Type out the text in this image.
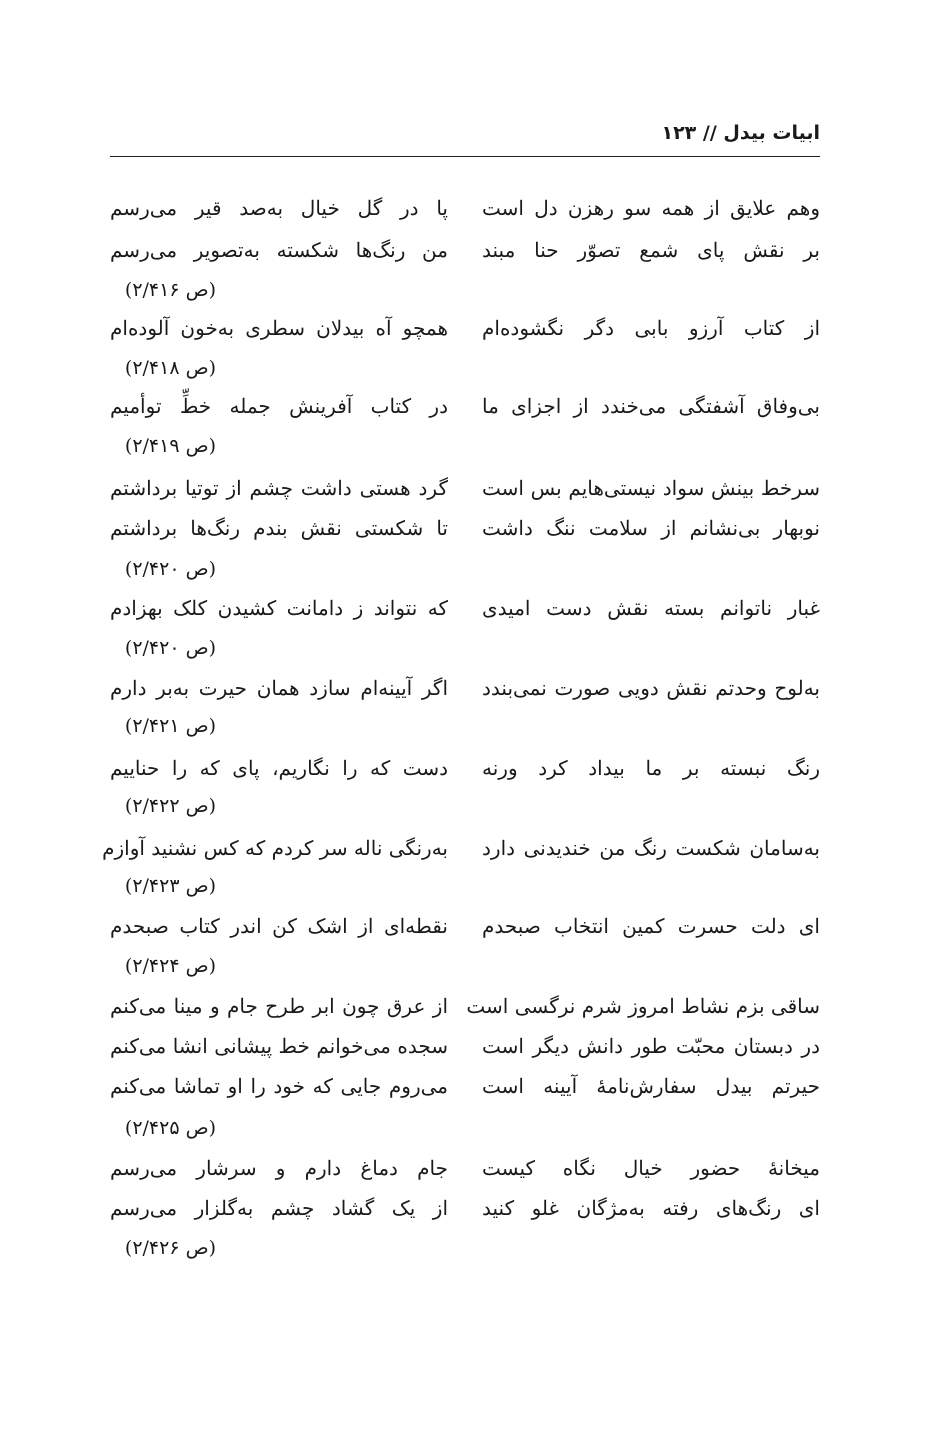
ابیات بیدل // ۱۲۳
وهم علایق از همه سو رهزن دل است
پا در گل خیال به‌صد قیر می‌رسم
بر نقش پای شمع تصوّر حنا مبند
من رنگ‌ها شکسته به‌تصویر می‌رسم
(ص ۲/۴۱۶)
از کتاب آرزو بابی دگر نگشوده‌ام
همچو آه بیدلان سطری به‌خون آلوده‌ام
(ص ۲/۴۱۸)
بی‌وفاق آشفتگی می‌خندد از اجزای ما
در کتاب آفرینش جمله خطِّ توأمیم
(ص ۲/۴۱۹)
سرخط بینش سواد نیستی‌هایم بس است
گرد هستی داشت چشم از توتیا برداشتم
نوبهار بی‌نشانم از سلامت ننگ داشت
تا شکستی نقش بندم رنگ‌ها برداشتم
(ص ۲/۴۲۰)
غبار ناتوانم بسته نقش دست امیدی
که نتواند ز دامانت کشیدن کلک بهزادم
(ص ۲/۴۲۰)
به‌لوح وحدتم نقش دویی صورت نمی‌بندد
اگر آیینه‌ام سازد همان حیرت به‌بر دارم
(ص ۲/۴۲۱)
رنگ نبسته بر ما بیداد کرد ورنه
دست که را نگاریم، پای که را حناییم
(ص ۲/۴۲۲)
به‌سامان شکست رنگ من خندیدنی دارد
به‌رنگی ناله سر کردم که کس نشنید آوازم
(ص ۲/۴۲۳)
ای دلت حسرت کمین انتخاب صبحدم
نقطه‌ای از اشک کن اندر کتاب صبحدم
(ص ۲/۴۲۴)
ساقی بزم نشاط امروز شرم نرگسی است
از عرق چون ابر طرح جام و مینا می‌کنم
در دبستان محبّت طور دانش دیگر است
سجده می‌خوانم خط پیشانی انشا می‌کنم
حیرتم بیدل سفارش‌نامهٔ آیینه است
می‌روم جایی که خود را او تماشا می‌کنم
(ص ۲/۴۲۵)
میخانهٔ حضور خیال نگاه کیست
جام دماغ دارم و سرشار می‌رسم
ای رنگ‌های رفته به‌مژگان غلو کنید
از یک گشاد چشم به‌گلزار می‌رسم
(ص ۲/۴۲۶)
